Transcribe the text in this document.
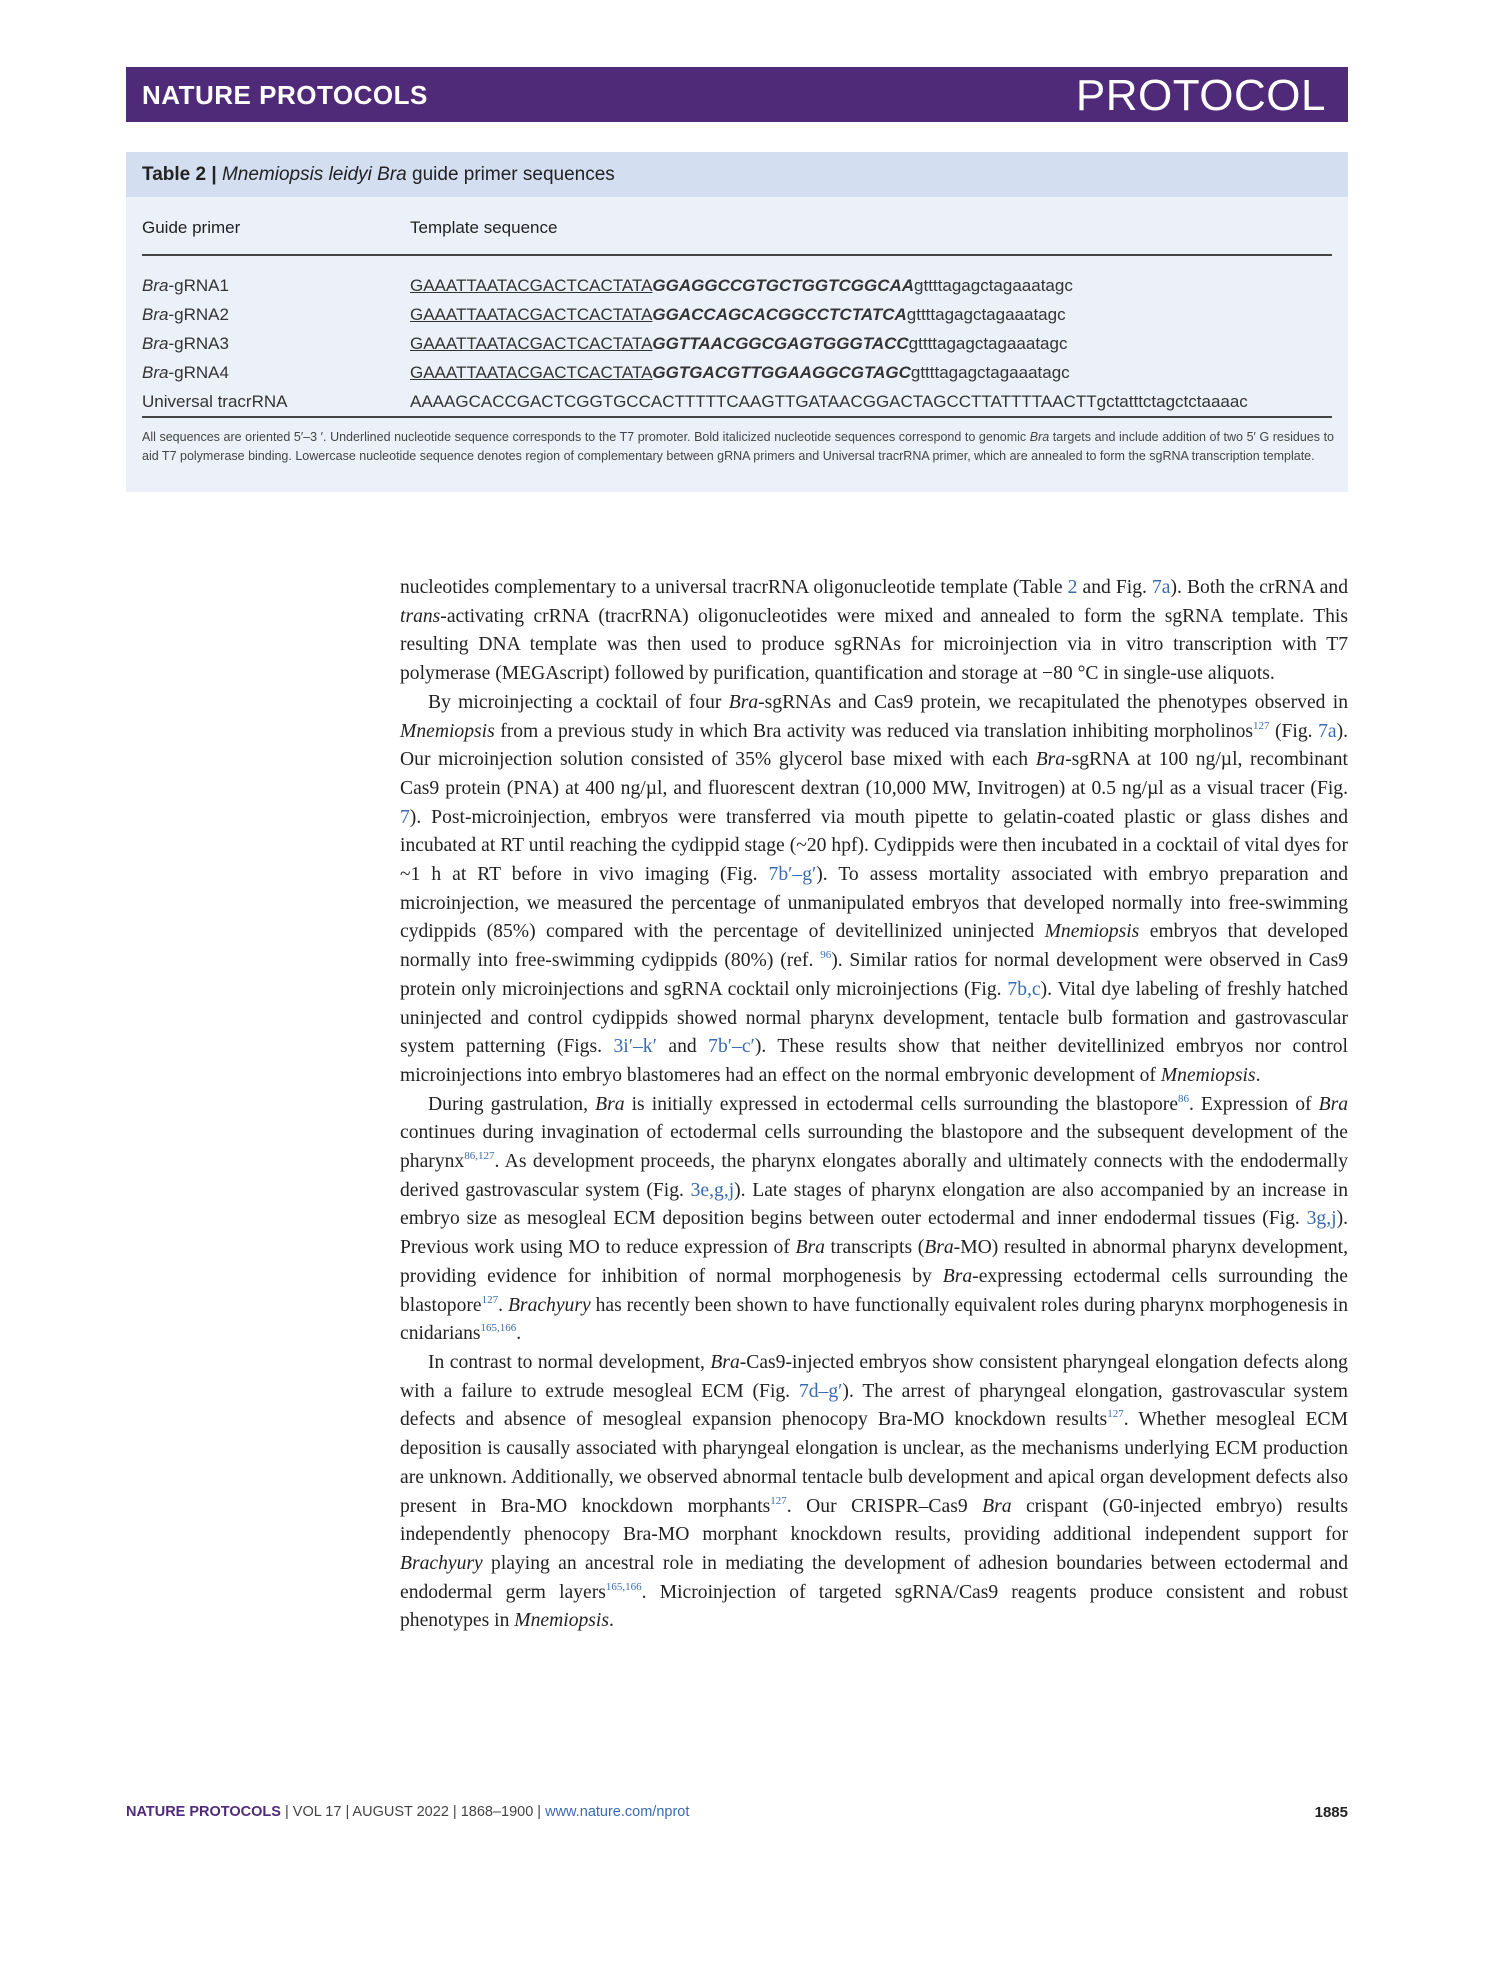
NATURE PROTOCOLS	PROTOCOL
Table 2 | Mnemiopsis leidyi Bra guide primer sequences
Guide primer	Template sequence
Bra-gRNA1	GAAATTAATACGACTCACTATAGGAGGCCGTGCTGGTCGGCAAgttttagagctagaaatagc
Bra-gRNA2	GAAATTAATACGACTCACTATAGGACCAGCACGGCCTCTATCAgttttagagctagaaatagc
Bra-gRNA3	GAAATTAATACGACTCACTATAGGTTAACGGCGAGTGGGTACCgttttagagctagaaatagc
Bra-gRNA4	GAAATTAATACGACTCACTATAGGTGACGTTGGAAGGCGTAGCgttttagagctagaaatagc
Universal tracrRNA	AAAAGCACCGACTCGGTGCCACTTTTTCAAGTTGATAACGGACTAGCCTTATTTTAACTTgctatttctagctctaaaac
All sequences are oriented 5′–3 ′. Underlined nucleotide sequence corresponds to the T7 promoter. Bold italicized nucleotide sequences correspond to genomic Bra targets and include addition of two 5′ G residues to aid T7 polymerase binding. Lowercase nucleotide sequence denotes region of complementary between gRNA primers and Universal tracrRNA primer, which are annealed to form the sgRNA transcription template.

nucleotides complementary to a universal tracrRNA oligonucleotide template (Table 2 and Fig. 7a). Both the crRNA and trans-activating crRNA (tracrRNA) oligonucleotides were mixed and annealed to form the sgRNA template. This resulting DNA template was then used to produce sgRNAs for microinjection via in vitro transcription with T7 polymerase (MEGAscript) followed by purification, quantification and storage at −80 °C in single-use aliquots.

By microinjecting a cocktail of four Bra-sgRNAs and Cas9 protein, we recapitulated the phenotypes observed in Mnemiopsis from a previous study in which Bra activity was reduced via translation inhibiting morpholinos$^{127}$ (Fig. 7a). Our microinjection solution consisted of 35% glycerol base mixed with each Bra-sgRNA at 100 ng/µl, recombinant Cas9 protein (PNA) at 400 ng/µl, and fluorescent dextran (10,000 MW, Invitrogen) at 0.5 ng/µl as a visual tracer (Fig. 7). Post-microinjection, embryos were transferred via mouth pipette to gelatin-coated plastic or glass dishes and incubated at RT until reaching the cydippid stage (~20 hpf). Cydippids were then incubated in a cocktail of vital dyes for ~1 h at RT before in vivo imaging (Fig. 7b′–g′). To assess mortality associated with embryo preparation and microinjection, we measured the percentage of unmanipulated embryos that developed normally into free-swimming cydippids (85%) compared with the percentage of devitellinized uninjected Mnemiopsis embryos that developed normally into free-swimming cydippids (80%) (ref. $^{96}$). Similar ratios for normal development were observed in Cas9 protein only microinjections and sgRNA cocktail only microinjections (Fig. 7b,c). Vital dye labeling of freshly hatched uninjected and control cydippids showed normal pharynx development, tentacle bulb formation and gastrovascular system patterning (Figs. 3i′–k′ and 7b′–c′). These results show that neither devitellinized embryos nor control microinjections into embryo blastomeres had an effect on the normal embryonic development of Mnemiopsis.

During gastrulation, Bra is initially expressed in ectodermal cells surrounding the blastopore$^{86}$. Expression of Bra continues during invagination of ectodermal cells surrounding the blastopore and the subsequent development of the pharynx$^{86,127}$. As development proceeds, the pharynx elongates aborally and ultimately connects with the endodermally derived gastrovascular system (Fig. 3e,g,j). Late stages of pharynx elongation are also accompanied by an increase in embryo size as mesogleal ECM deposition begins between outer ectodermal and inner endodermal tissues (Fig. 3g,j). Previous work using MO to reduce expression of Bra transcripts (Bra-MO) resulted in abnormal pharynx development, providing evidence for inhibition of normal morphogenesis by Bra-expressing ectodermal cells surrounding the blastopore$^{127}$. Brachyury has recently been shown to have functionally equivalent roles during pharynx morphogenesis in cnidarians$^{165,166}$.

In contrast to normal development, Bra-Cas9-injected embryos show consistent pharyngeal elongation defects along with a failure to extrude mesogleal ECM (Fig. 7d–g′). The arrest of pharyngeal elongation, gastrovascular system defects and absence of mesogleal expansion phenocopy Bra-MO knockdown results$^{127}$. Whether mesogleal ECM deposition is causally associated with pharyngeal elongation is unclear, as the mechanisms underlying ECM production are unknown. Additionally, we observed abnormal tentacle bulb development and apical organ development defects also present in Bra-MO knockdown morphants$^{127}$. Our CRISPR–Cas9 Bra crispant (G0-injected embryo) results independently phenocopy Bra-MO morphant knockdown results, providing additional independent support for Brachyury playing an ancestral role in mediating the development of adhesion boundaries between ectodermal and endodermal germ layers$^{165,166}$. Microinjection of targeted sgRNA/Cas9 reagents produce consistent and robust phenotypes in Mnemiopsis.

NATURE PROTOCOLS | VOL 17 | AUGUST 2022 | 1868–1900 | www.nature.com/nprot	1885
